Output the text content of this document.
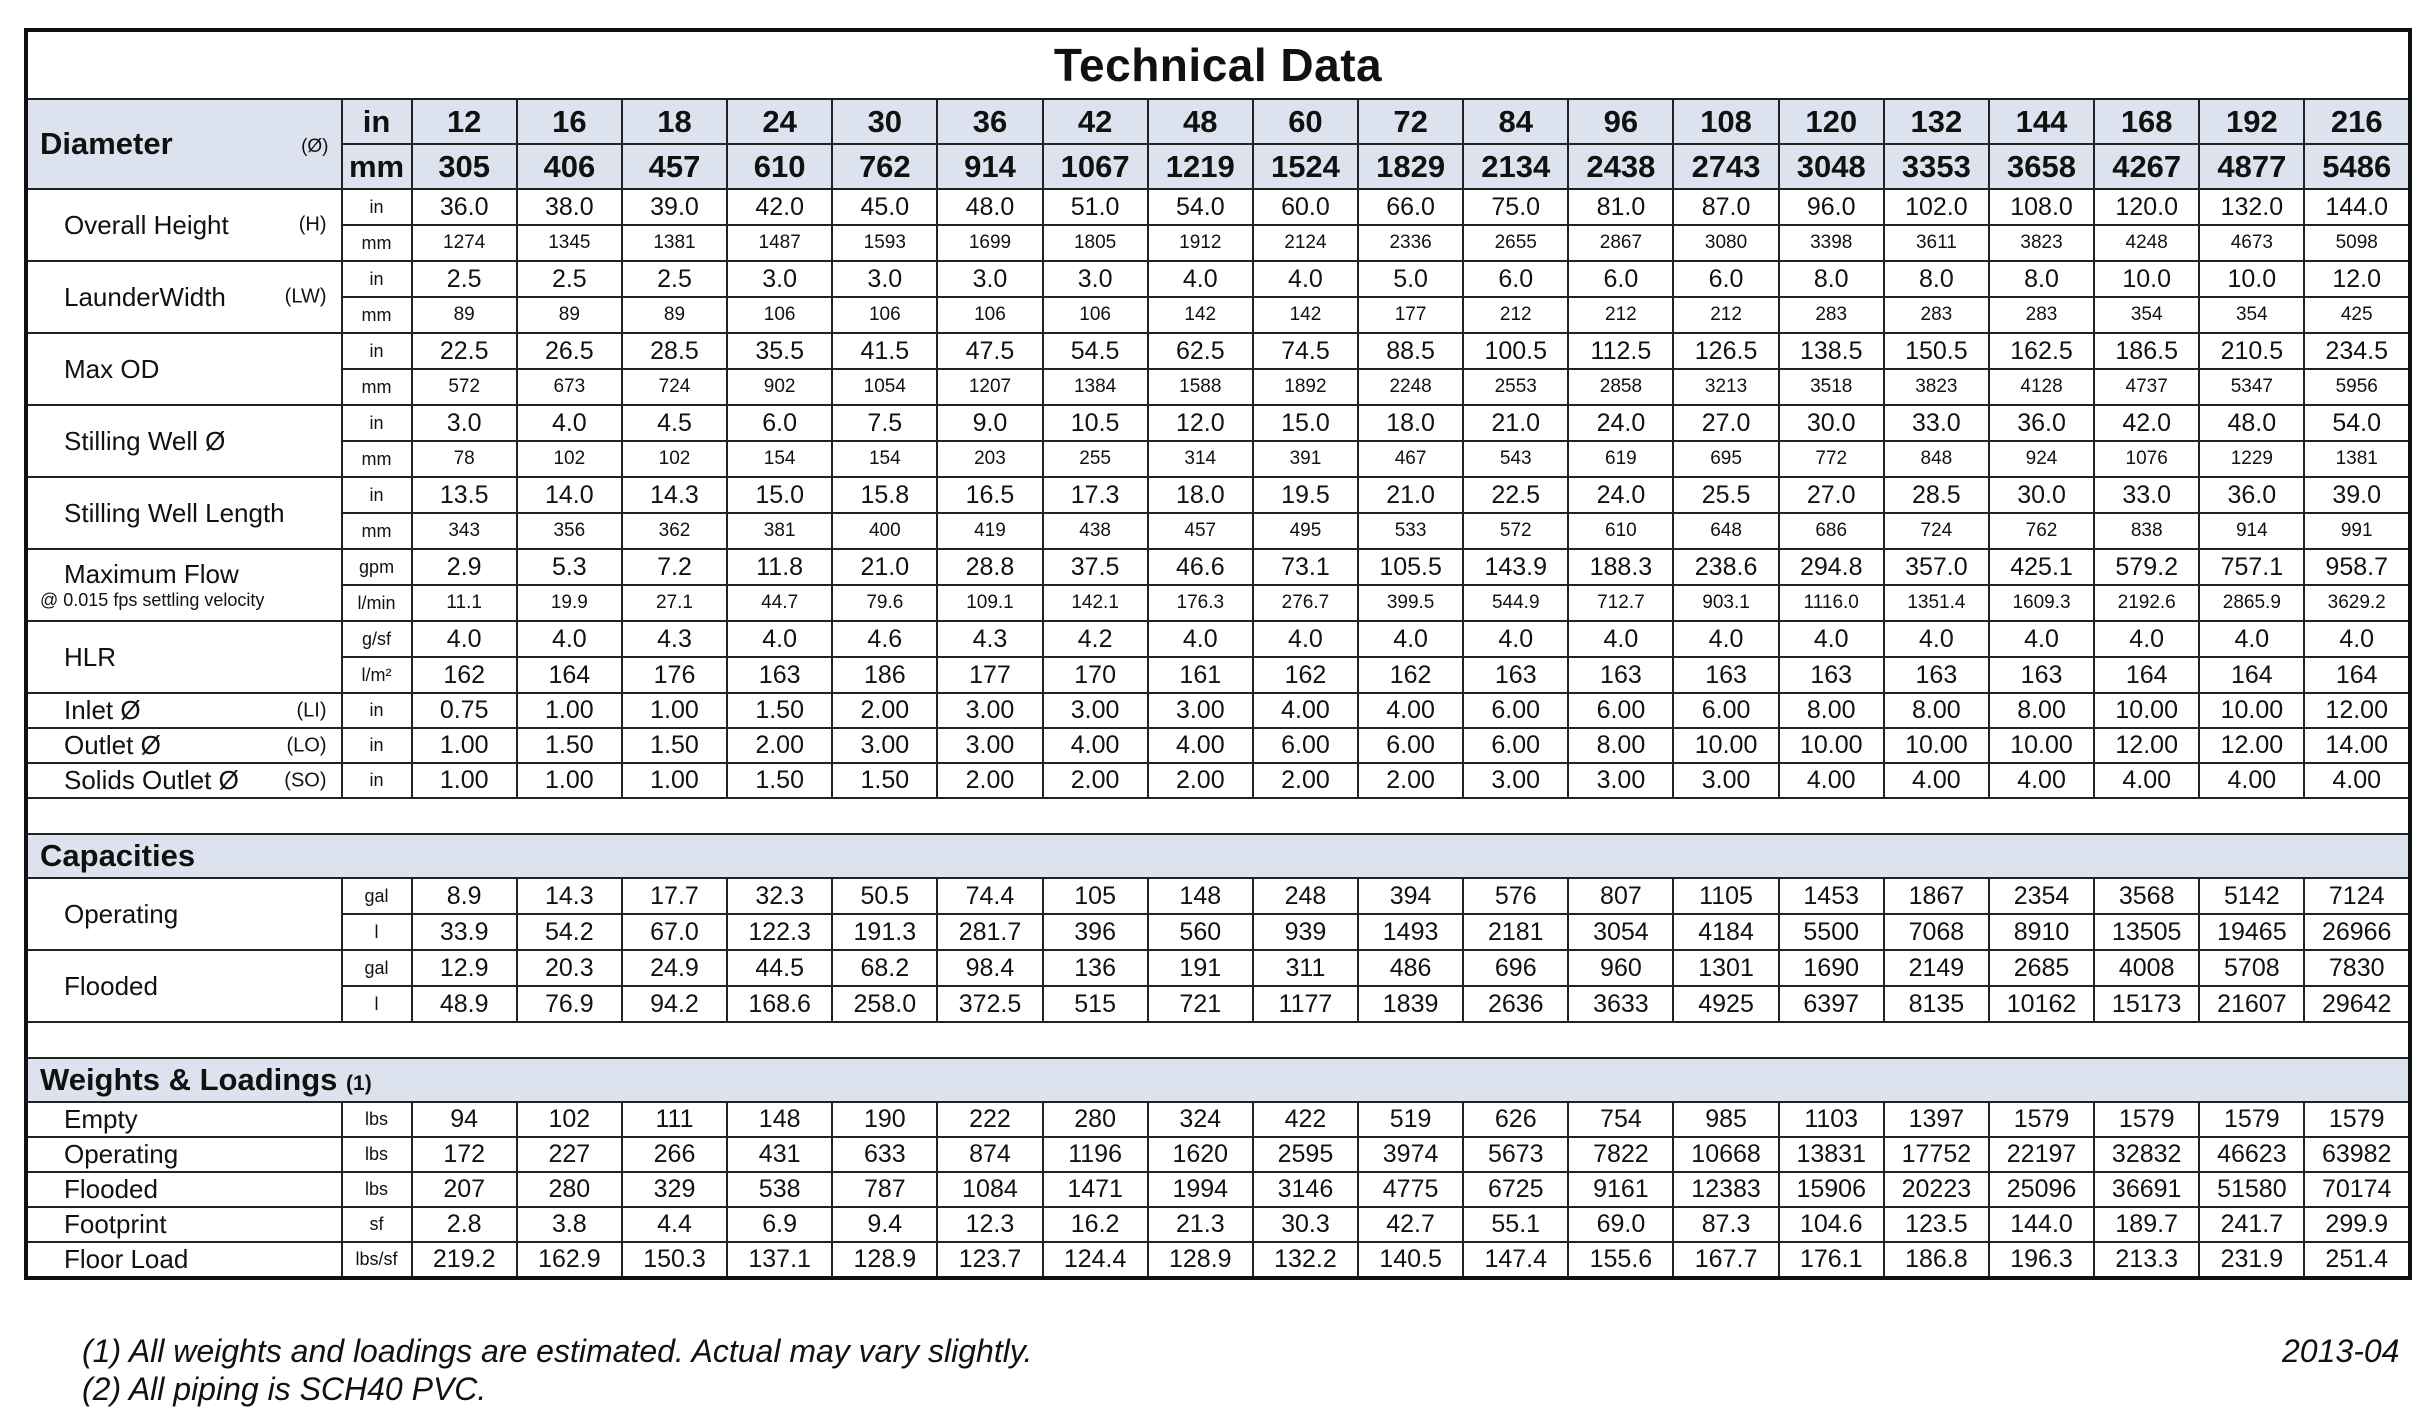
Technical Data																				
Diameter (Ø)	in	12	16	18	24	30	36	42	48	60	72	84	96	108	120	132	144	168	192	216
	mm	305	406	457	610	762	914	1067	1219	1524	1829	2134	2438	2743	3048	3353	3658	4267	4877	5486
Overall Height (H)	in	36.0	38.0	39.0	42.0	45.0	48.0	51.0	54.0	60.0	66.0	75.0	81.0	87.0	96.0	102.0	108.0	120.0	132.0	144.0
	mm	1274	1345	1381	1487	1593	1699	1805	1912	2124	2336	2655	2867	3080	3398	3611	3823	4248	4673	5098
LaunderWidth (LW)	in	2.5	2.5	2.5	3.0	3.0	3.0	3.0	4.0	4.0	5.0	6.0	6.0	6.0	8.0	8.0	8.0	10.0	10.0	12.0
	mm	89	89	89	106	106	106	106	142	142	177	212	212	212	283	283	283	354	354	425
Max OD	in	22.5	26.5	28.5	35.5	41.5	47.5	54.5	62.5	74.5	88.5	100.5	112.5	126.5	138.5	150.5	162.5	186.5	210.5	234.5
	mm	572	673	724	902	1054	1207	1384	1588	1892	2248	2553	2858	3213	3518	3823	4128	4737	5347	5956
Stilling Well Ø	in	3.0	4.0	4.5	6.0	7.5	9.0	10.5	12.0	15.0	18.0	21.0	24.0	27.0	30.0	33.0	36.0	42.0	48.0	54.0
	mm	78	102	102	154	154	203	255	314	391	467	543	619	695	772	848	924	1076	1229	1381
Stilling Well Length	in	13.5	14.0	14.3	15.0	15.8	16.5	17.3	18.0	19.5	21.0	22.5	24.0	25.5	27.0	28.5	30.0	33.0	36.0	39.0
	mm	343	356	362	381	400	419	438	457	495	533	572	610	648	686	724	762	838	914	991
Maximum Flow
@ 0.015 fps settling velocity	gpm	2.9	5.3	7.2	11.8	21.0	28.8	37.5	46.6	73.1	105.5	143.9	188.3	238.6	294.8	357.0	425.1	579.2	757.1	958.7
	l/min	11.1	19.9	27.1	44.7	79.6	109.1	142.1	176.3	276.7	399.5	544.9	712.7	903.1	1116.0	1351.4	1609.3	2192.6	2865.9	3629.2
HLR	g/sf	4.0	4.0	4.3	4.0	4.6	4.3	4.2	4.0	4.0	4.0	4.0	4.0	4.0	4.0	4.0	4.0	4.0	4.0	4.0
	l/m²	162	164	176	163	186	177	170	161	162	162	163	163	163	163	163	163	164	164	164
Inlet Ø (LI)	in	0.75	1.00	1.00	1.50	2.00	3.00	3.00	3.00	4.00	4.00	6.00	6.00	6.00	8.00	8.00	8.00	10.00	10.00	12.00
Outlet Ø (LO)	in	1.00	1.50	1.50	2.00	3.00	3.00	4.00	4.00	6.00	6.00	6.00	8.00	10.00	10.00	10.00	10.00	12.00	12.00	14.00
Solids Outlet Ø (SO)	in	1.00	1.00	1.00	1.50	1.50	2.00	2.00	2.00	2.00	2.00	3.00	3.00	3.00	4.00	4.00	4.00	4.00	4.00	4.00

Capacities																				
Operating	gal	8.9	14.3	17.7	32.3	50.5	74.4	105	148	248	394	576	807	1105	1453	1867	2354	3568	5142	7124
	l	33.9	54.2	67.0	122.3	191.3	281.7	396	560	939	1493	2181	3054	4184	5500	7068	8910	13505	19465	26966
Flooded	gal	12.9	20.3	24.9	44.5	68.2	98.4	136	191	311	486	696	960	1301	1690	2149	2685	4008	5708	7830
	l	48.9	76.9	94.2	168.6	258.0	372.5	515	721	1177	1839	2636	3633	4925	6397	8135	10162	15173	21607	29642

Weights & Loadings (1)																				
Empty	lbs	94	102	111	148	190	222	280	324	422	519	626	754	985	1103	1397	1579	1579	1579	1579
Operating	lbs	172	227	266	431	633	874	1196	1620	2595	3974	5673	7822	10668	13831	17752	22197	32832	46623	63982
Flooded	lbs	207	280	329	538	787	1084	1471	1994	3146	4775	6725	9161	12383	15906	20223	25096	36691	51580	70174
Footprint	sf	2.8	3.8	4.4	6.9	9.4	12.3	16.2	21.3	30.3	42.7	55.1	69.0	87.3	104.6	123.5	144.0	189.7	241.7	299.9
Floor Load	lbs/sf	219.2	162.9	150.3	137.1	128.9	123.7	124.4	128.9	132.2	140.5	147.4	155.6	167.7	176.1	186.8	196.3	213.3	231.9	251.4
(1) All weights and loadings are estimated. Actual may vary slightly.
(2) All piping is SCH40 PVC.
2013-04
